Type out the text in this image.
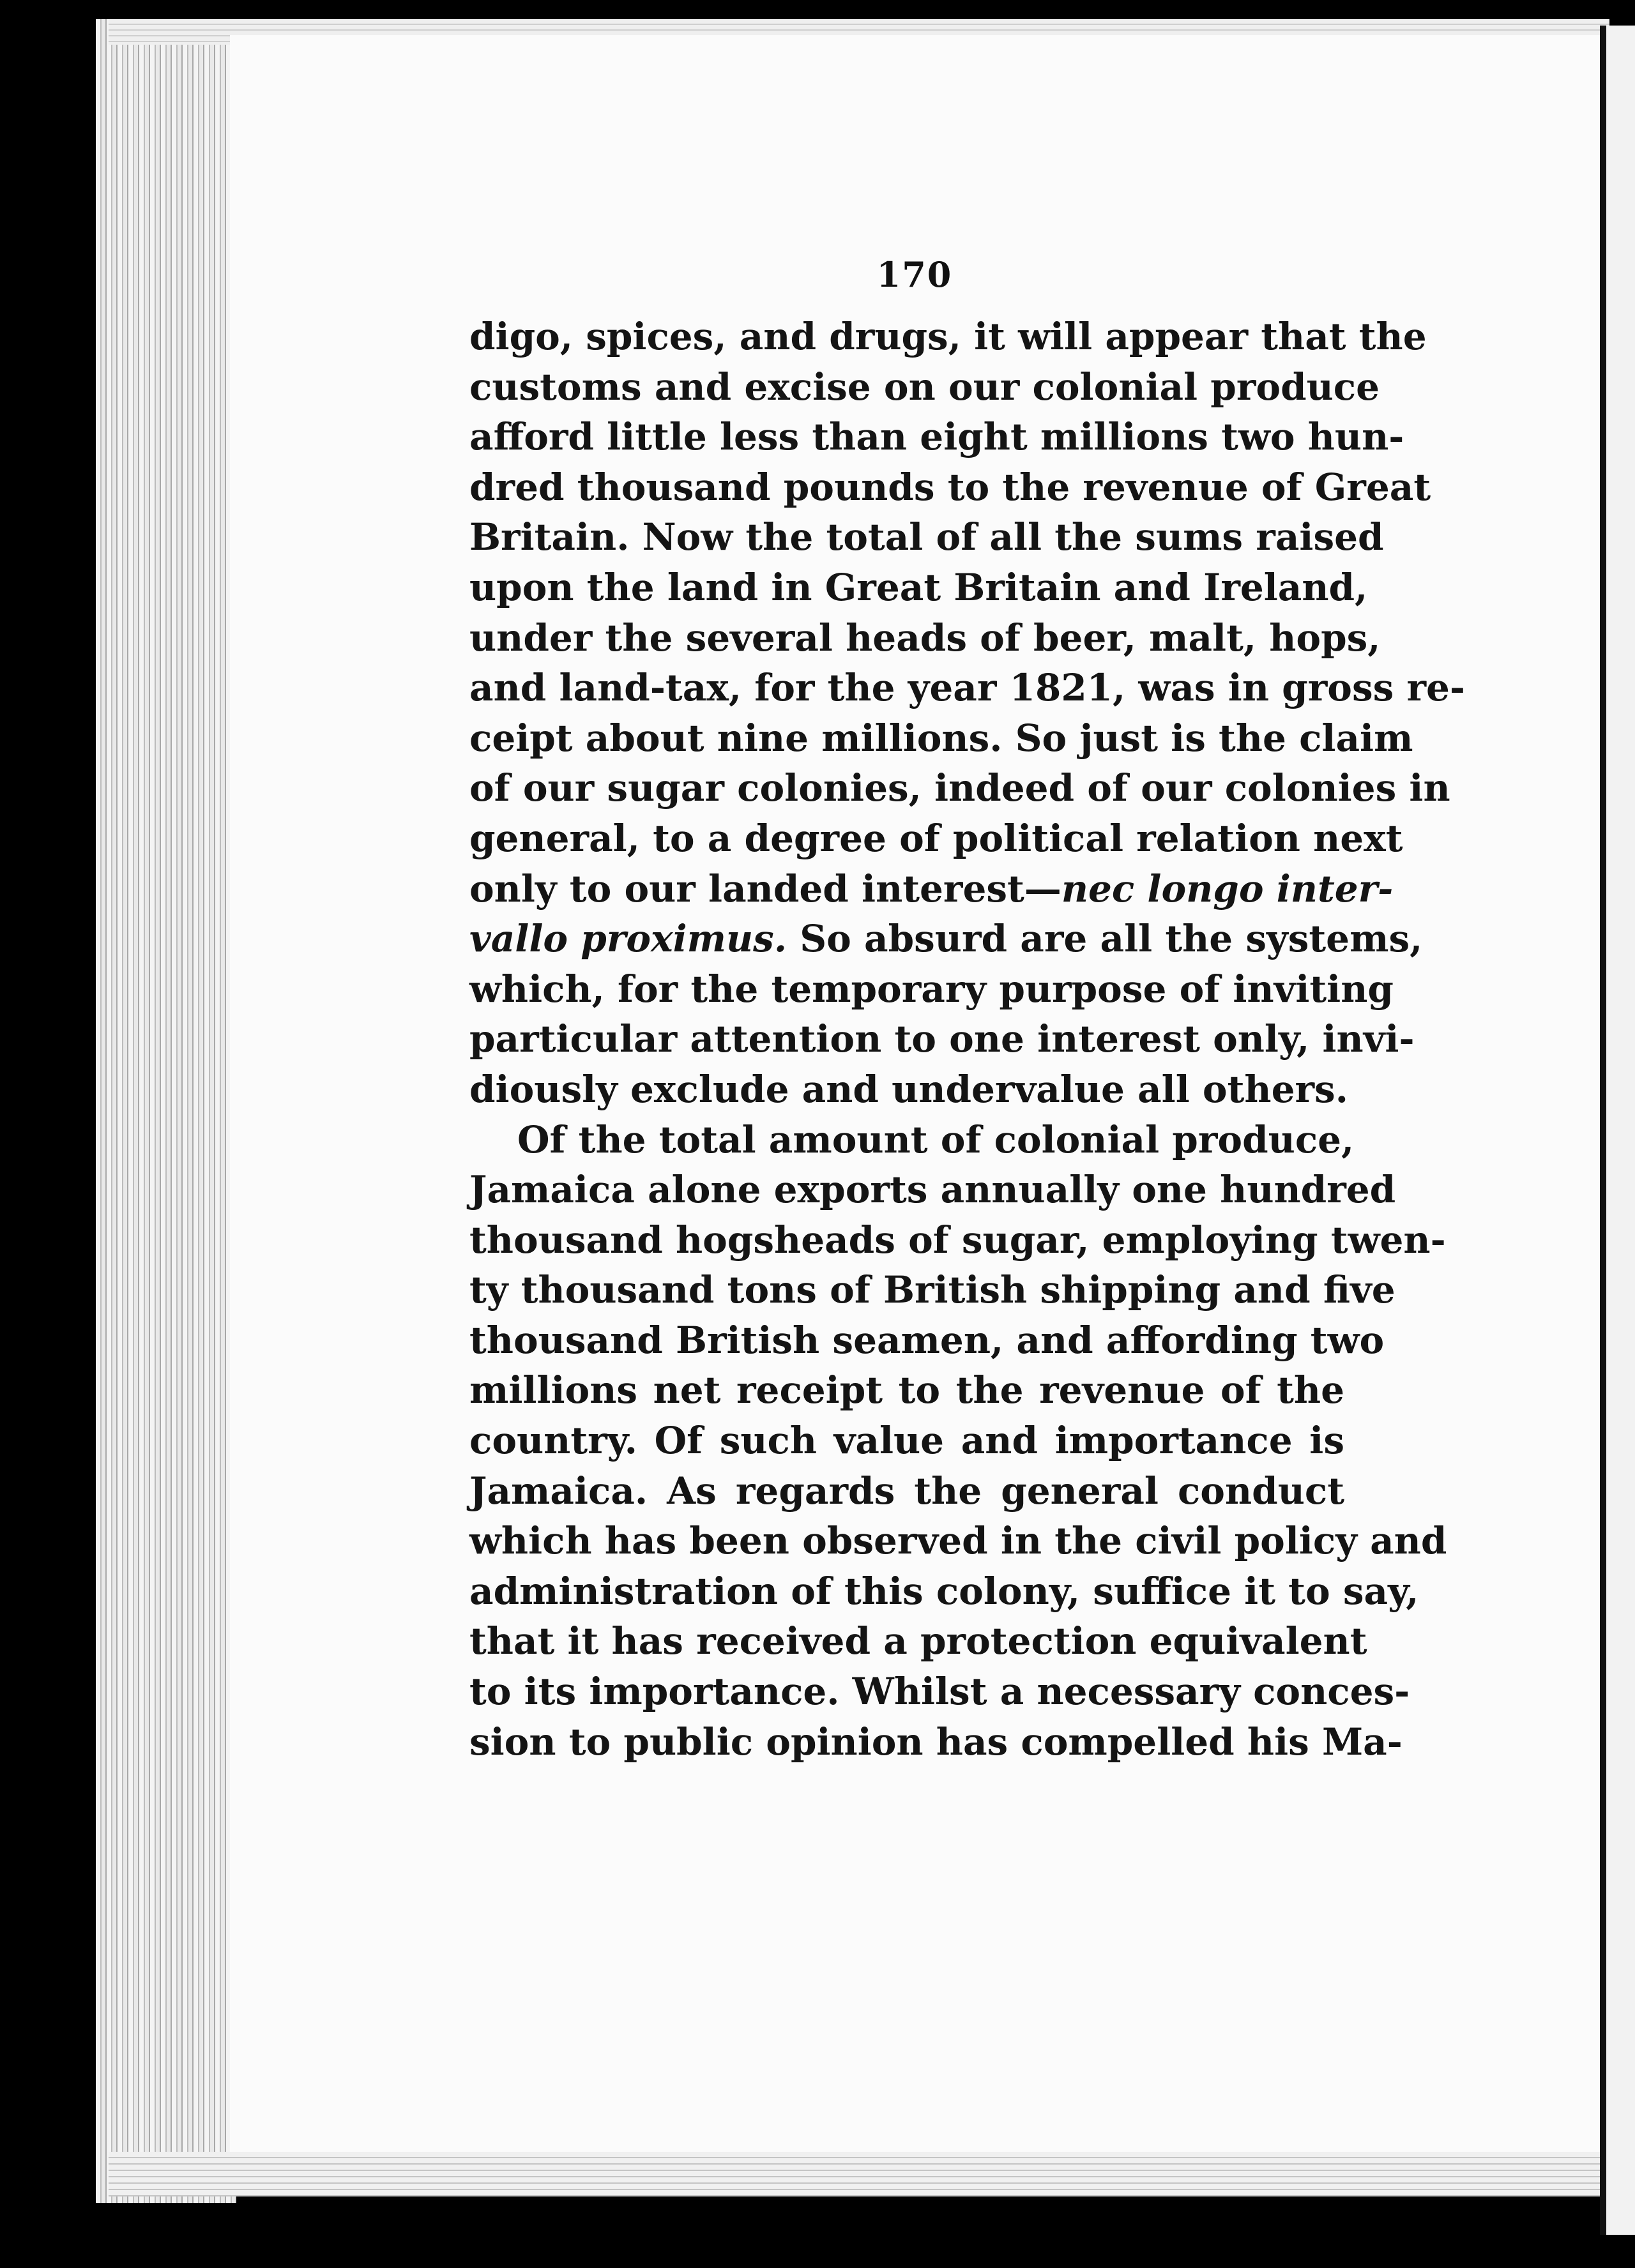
170
digo, spices, and drugs, it will appear that the
customs and excise on our colonial produce
afford little less than eight millions two hun-
dred thousand pounds to the revenue of Great
Britain. Now the total of all the sums raised
upon the land in Great Britain and Ireland,
under the several heads of beer, malt, hops,
and land-tax, for the year 1821, was in gross re-
ceipt about nine millions. So just is the claim
of our sugar colonies, indeed of our colonies in
general, to a degree of political relation next
only to our landed interest—nec longo inter-
vallo proximus. So absurd are all the systems,
which, for the temporary purpose of inviting
particular attention to one interest only, invi-
diously exclude and undervalue all others.
Of the total amount of colonial produce,
Jamaica alone exports annually one hundred
thousand hogsheads of sugar, employing twen-
ty thousand tons of British shipping and five
thousand British seamen, and affording two
millions net receipt to the revenue of the
country. Of such value and importance is
Jamaica. As regards the general conduct
which has been observed in the civil policy and
administration of this colony, suffice it to say,
that it has received a protection equivalent
to its importance. Whilst a necessary conces-
sion to public opinion has compelled his Ma-
